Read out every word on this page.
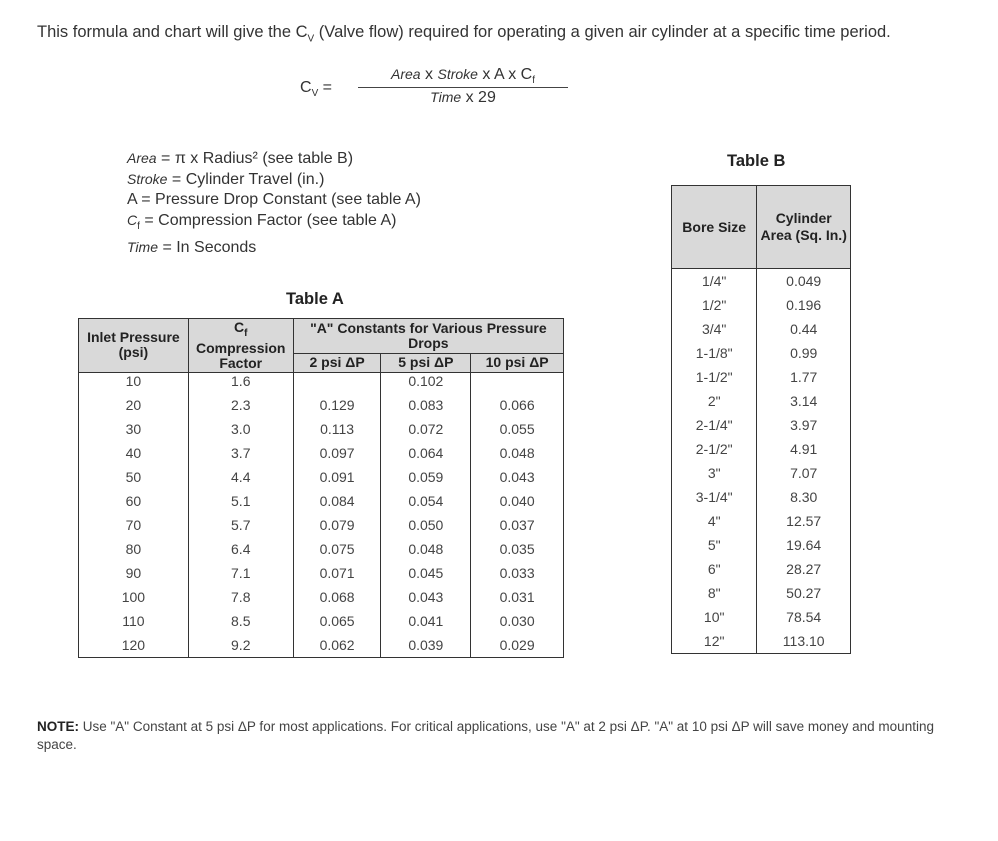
This formula and chart will give the $C_V$ (Valve flow) required for operating a given air cylinder at a specific time period.
$C_V$ =
Area x Stroke x A x $C_f$
Time x 29
Area = π x Radius² (see table B)
Stroke = Cylinder Travel (in.)
A = Pressure Drop Constant (see table A)
$C_f$ = Compression Factor (see table A)
Time = In Seconds
Table A
Inlet Pressure (psi)	$C_f$
Compression Factor	"A" Constants for Various Pressure Drops		
		2 psi ΔP	5 psi ΔP	10 psi ΔP
10	1.6		0.102	
20	2.3	0.129	0.083	0.066
30	3.0	0.113	0.072	0.055
40	3.7	0.097	0.064	0.048
50	4.4	0.091	0.059	0.043
60	5.1	0.084	0.054	0.040
70	5.7	0.079	0.050	0.037
80	6.4	0.075	0.048	0.035
90	7.1	0.071	0.045	0.033
100	7.8	0.068	0.043	0.031
110	8.5	0.065	0.041	0.030
120	9.2	0.062	0.039	0.029
Table B
Bore Size	Cylinder Area (Sq. In.)
1/4"	0.049
1/2"	0.196
3/4"	0.44
1-1/8"	0.99
1-1/2"	1.77
2"	3.14
2-1/4"	3.97
2-1/2"	4.91
3"	7.07
3-1/4"	8.30
4"	12.57
5"	19.64
6"	28.27
8"	50.27
10"	78.54
12"	113.10
NOTE: Use "A" Constant at 5 psi ΔP for most applications. For critical applications, use "A" at 2 psi ΔP. "A" at 10 psi ΔP will save money and mounting space.
